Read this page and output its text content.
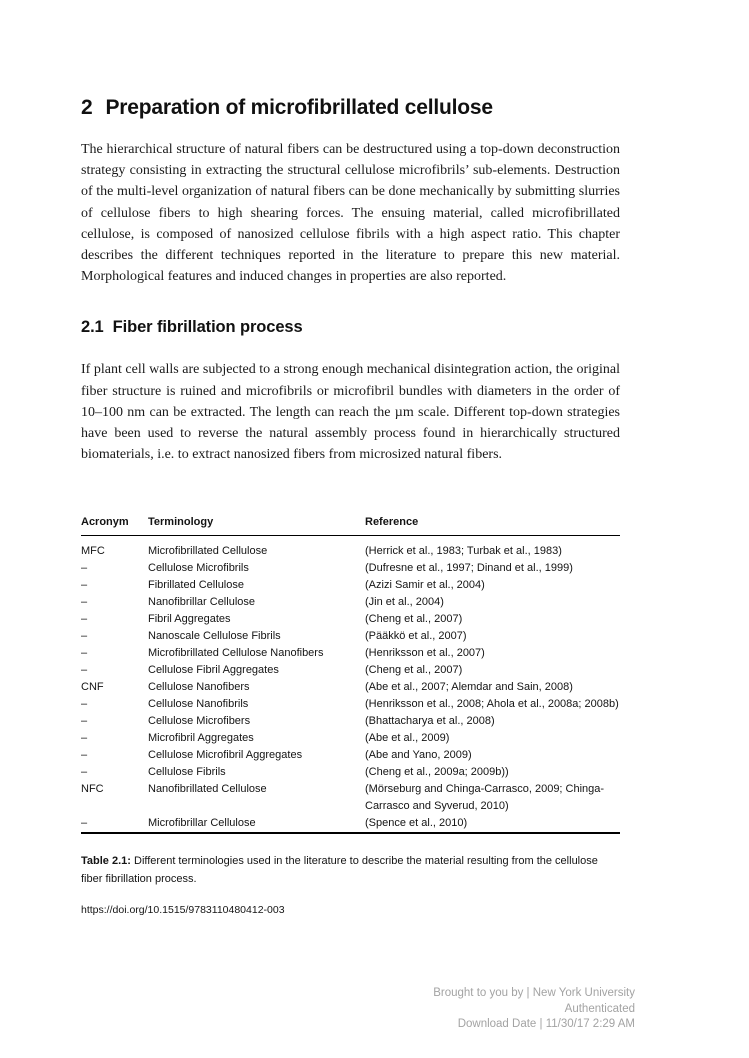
2 Preparation of microfibrillated cellulose

The hierarchical structure of natural fibers can be destructured using a top-down deconstruction strategy consisting in extracting the structural cellulose microfibrils’ sub-elements. Destruction of the multi-level organization of natural fibers can be done mechanically by submitting slurries of cellulose fibers to high shearing forces. The ensuing material, called microfibrillated cellulose, is composed of nanosized cellulose fibrils with a high aspect ratio. This chapter describes the different techniques reported in the literature to prepare this new material. Morphological features and induced changes in properties are also reported.

2.1 Fiber fibrillation process

If plant cell walls are subjected to a strong enough mechanical disintegration action, the original fiber structure is ruined and microfibrils or microfibril bundles with diameters in the order of 10–100 nm can be extracted. The length can reach the µm scale. Different top-down strategies have been used to reverse the natural assembly process found in hierarchically structured biomaterials, i.e. to extract nanosized fibers from microsized natural fibers.

Acronym	Terminology	Reference
MFC	Microfibrillated Cellulose	(Herrick et al., 1983; Turbak et al., 1983)
–	Cellulose Microfibrils	(Dufresne et al., 1997; Dinand et al., 1999)
–	Fibrillated Cellulose	(Azizi Samir et al., 2004)
–	Nanofibrillar Cellulose	(Jin et al., 2004)
–	Fibril Aggregates	(Cheng et al., 2007)
–	Nanoscale Cellulose Fibrils	(Pääkkö et al., 2007)
–	Microfibrillated Cellulose Nanofibers	(Henriksson et al., 2007)
–	Cellulose Fibril Aggregates	(Cheng et al., 2007)
CNF	Cellulose Nanofibers	(Abe et al., 2007; Alemdar and Sain, 2008)
–	Cellulose Nanofibrils	(Henriksson et al., 2008; Ahola et al., 2008a; 2008b)
–	Cellulose Microfibers	(Bhattacharya et al., 2008)
–	Microfibril Aggregates	(Abe et al., 2009)
–	Cellulose Microfibril Aggregates	(Abe and Yano, 2009)
–	Cellulose Fibrils	(Cheng et al., 2009a; 2009b))
NFC	Nanofibrillated Cellulose	(Mörseburg and Chinga-Carrasco, 2009; Chinga-Carrasco and Syverud, 2010)
–	Microfibrillar Cellulose	(Spence et al., 2010)

Table 2.1: Different terminologies used in the literature to describe the material resulting from the cellulose fiber fibrillation process.

https://doi.org/10.1515/9783110480412-003
Brought to you by | New York University
Authenticated
Download Date | 11/30/17 2:29 AM
